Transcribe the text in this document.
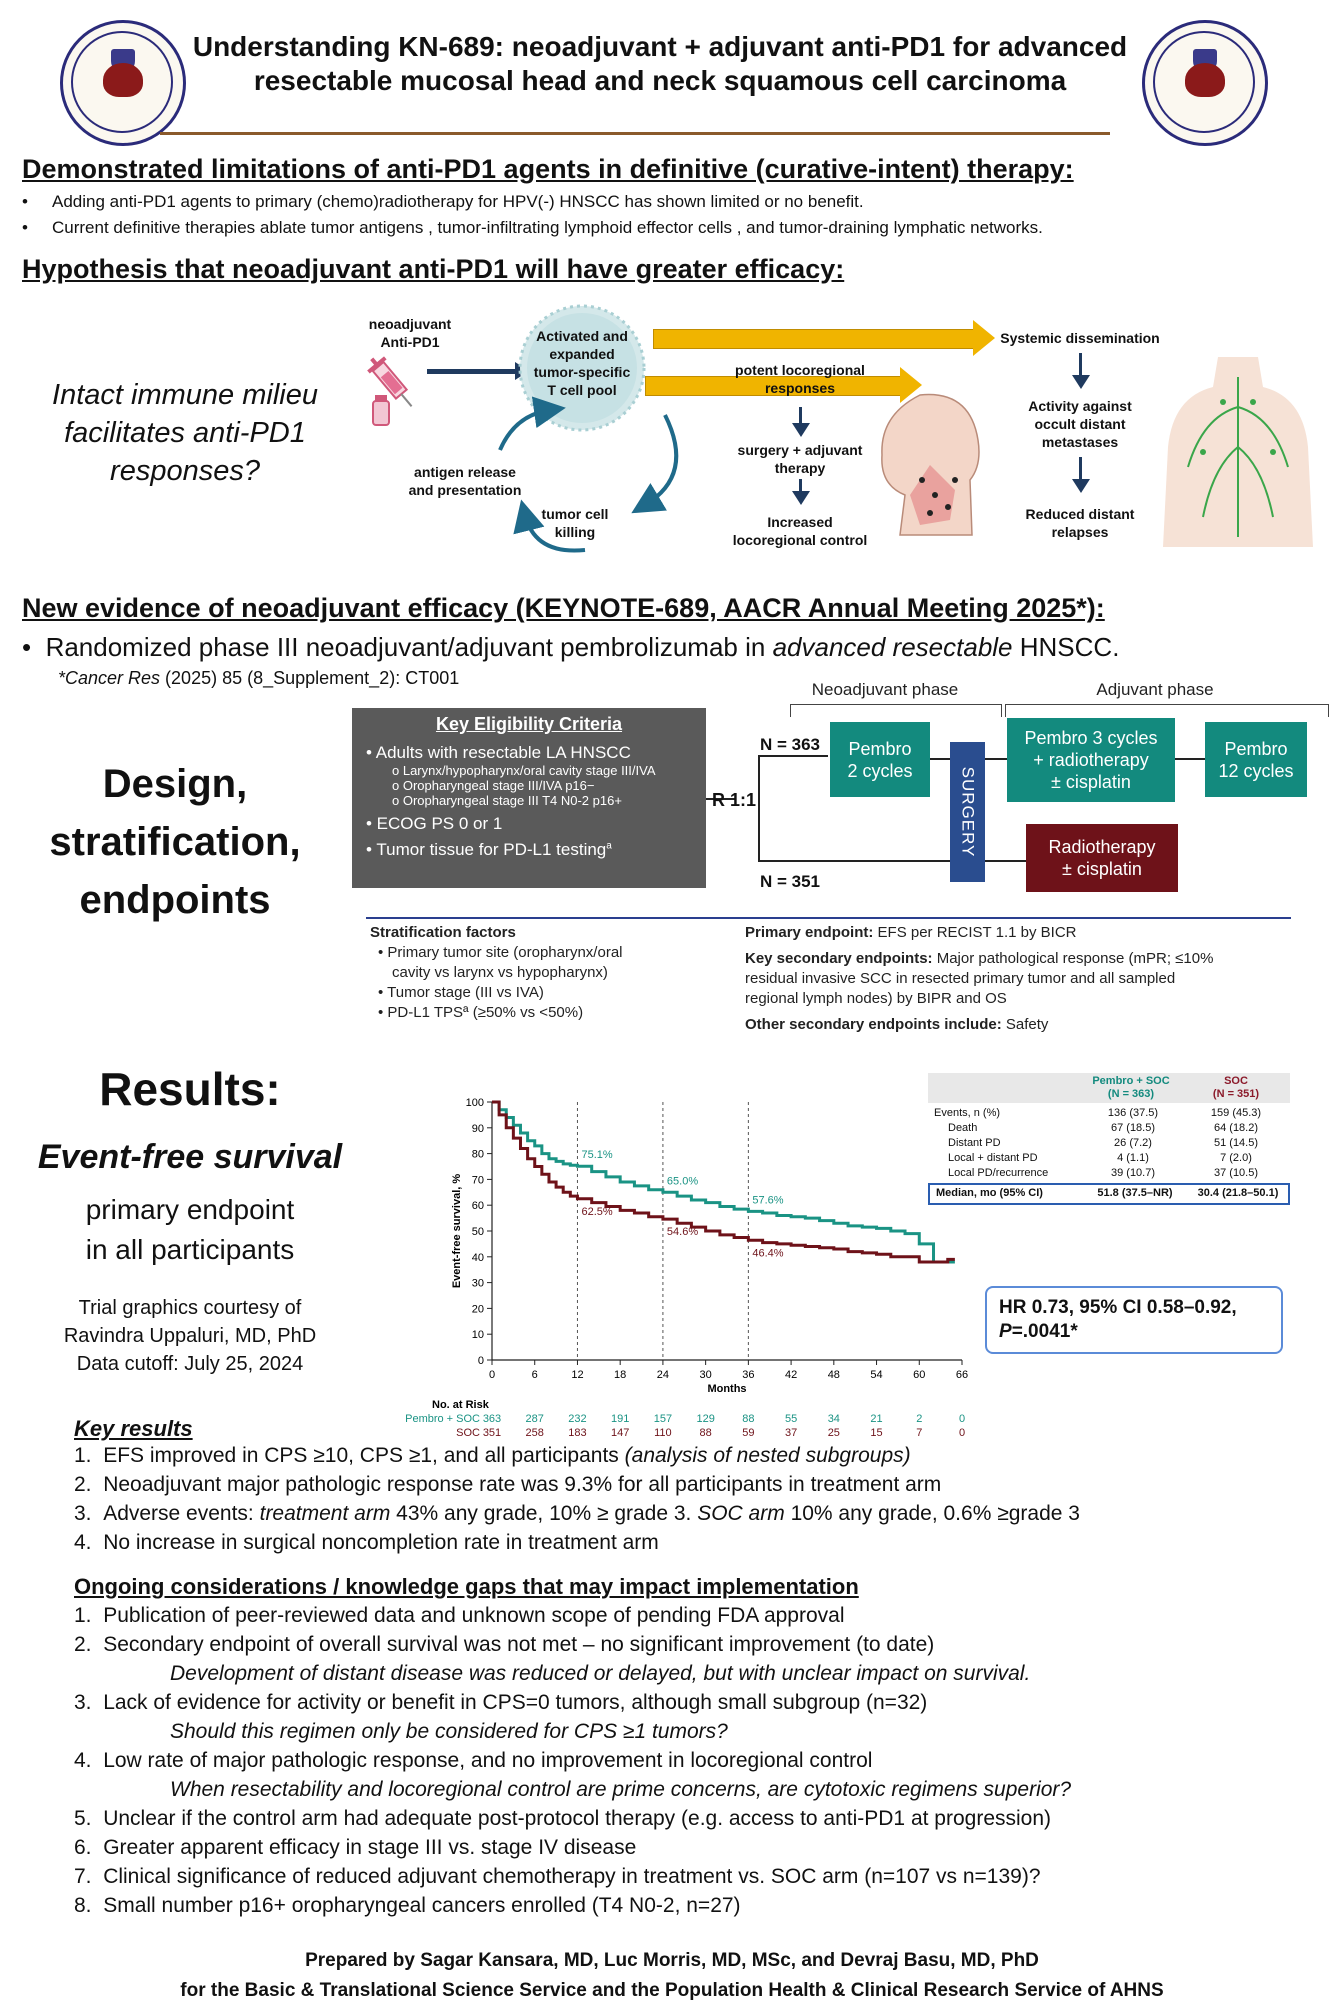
Understanding KN-689: neoadjuvant + adjuvant anti-PD1 for advanced
resectable mucosal head and neck squamous cell carcinoma
Demonstrated limitations of anti-PD1 agents in definitive (curative-intent) therapy:
• Adding anti-PD1 agents to primary (chemo)radiotherapy for HPV(-) HNSCC has shown limited or no benefit.
• Current definitive therapies ablate tumor antigens , tumor-infiltrating lymphoid effector cells , and tumor-draining lymphatic networks.
Hypothesis that neoadjuvant anti-PD1 will have greater efficacy:
Intact immune milieu
facilitates anti-PD1
responses?
neoadjuvant
Anti-PD1	Activated and
expanded
tumor-specific
T cell pool
antigen release
and presentation
tumor cell
killing
potent locoregional
responses
surgery + adjuvant
therapy
Increased
locoregional control
Systemic dissemination
Activity against
occult distant
metastases
Reduced distant
relapses
New evidence of neoadjuvant efficacy (KEYNOTE-689, AACR Annual Meeting 2025*):
•  Randomized phase III neoadjuvant/adjuvant pembrolizumab in advanced resectable HNSCC.
*Cancer Res (2025) 85 (8_Supplement_2): CT001
Design,
stratification,
endpoints
Neoadjuvant phase	Adjuvant phase
Key Eligibility Criteria
• Adults with resectable LA HNSCC
o Larynx/hypopharynx/oral cavity stage III/IVA
o Oropharyngeal stage III/IVA p16−
o Oropharyngeal stage III T4 N0-2 p16+
• ECOG PS 0 or 1
• Tumor tissue for PD-L1 testing$^a$
R 1:1
N = 363
N = 351
Pembro
2 cycles	SURGERY
Pembro 3 cycles
+ radiotherapy
± cisplatin
Pembro
12 cycles
Radiotherapy
± cisplatin
Stratification factors
• Primary tumor site (oropharynx/oral
cavity vs larynx vs hypopharynx)
• Tumor stage (III vs IVA)
• PD-L1 TPSª (≥50% vs <50%)
Primary endpoint: EFS per RECIST 1.1 by BICR
Key secondary endpoints: Major pathological response (mPR; ≤10%
residual invasive SCC in resected primary tumor and all sampled
regional lymph nodes) by BIPR and OS
Other secondary endpoints include: Safety
Results:
Event-free survival
primary endpoint
in all participants
Trial graphics courtesy of
Ravindra Uppaluri, MD, PhD
Data cutoff: July 25, 2024	0
10
20
30
40
50
60
70
80
90
100
0	6	12	18	24	30	36	42	48	54	60	66
Event-free survival, %
Months
75.1%
65.0%
57.6%
62.5%
54.6%
46.4%
No. at Risk
Pembro + SOC 363 287 232 191 157 129 88	55	34	21	2	0
SOC 351 258 183 147 110	88	59	37	25	15	7	0
Pembro + SOC
(N = 363)
SOC
(N = 351)
Events, n (%)	136 (37.5)	159 (45.3)
Death	67 (18.5)	64 (18.2)
Distant PD	26 (7.2)	51 (14.5)
Local + distant PD	4 (1.1)	7 (2.0)
Local PD/recurrence	39 (10.7)	37 (10.5)
Median, mo (95% CI)	51.8 (37.5–NR)	30.4 (21.8–50.1)
HR 0.73, 95% CI 0.58–0.92,
P=.0041*
Key results
1.  EFS improved in CPS ≥10, CPS ≥1, and all participants (analysis of nested subgroups)
2.  Neoadjuvant major pathologic response rate was 9.3% for all participants in treatment arm
3.  Adverse events: treatment arm 43% any grade, 10% ≥ grade 3. SOC arm 10% any grade, 0.6% ≥grade 3
4.  No increase in surgical noncompletion rate in treatment arm
Ongoing considerations / knowledge gaps that may impact implementation
1.  Publication of peer-reviewed data and unknown scope of pending FDA approval
2.  Secondary endpoint of overall survival was not met – no significant improvement (to date)
Development of distant disease was reduced or delayed, but with unclear impact on survival.
3.  Lack of evidence for activity or benefit in CPS=0 tumors, although small subgroup (n=32)
Should this regimen only be considered for CPS ≥1 tumors?
4.  Low rate of major pathologic response, and no improvement in locoregional control
When resectability and locoregional control are prime concerns, are cytotoxic regimens superior?
5.  Unclear if the control arm had adequate post-protocol therapy (e.g. access to anti-PD1 at progression)
6.  Greater apparent efficacy in stage III vs. stage IV disease
7.  Clinical significance of reduced adjuvant chemotherapy in treatment vs. SOC arm (n=107 vs n=139)?
8.  Small number p16+ oropharyngeal cancers enrolled (T4 N0-2, n=27)
Prepared by Sagar Kansara, MD, Luc Morris, MD, MSc, and Devraj Basu, MD, PhD
for the Basic & Translational Science Service and the Population Health & Clinical Research Service of AHNS
